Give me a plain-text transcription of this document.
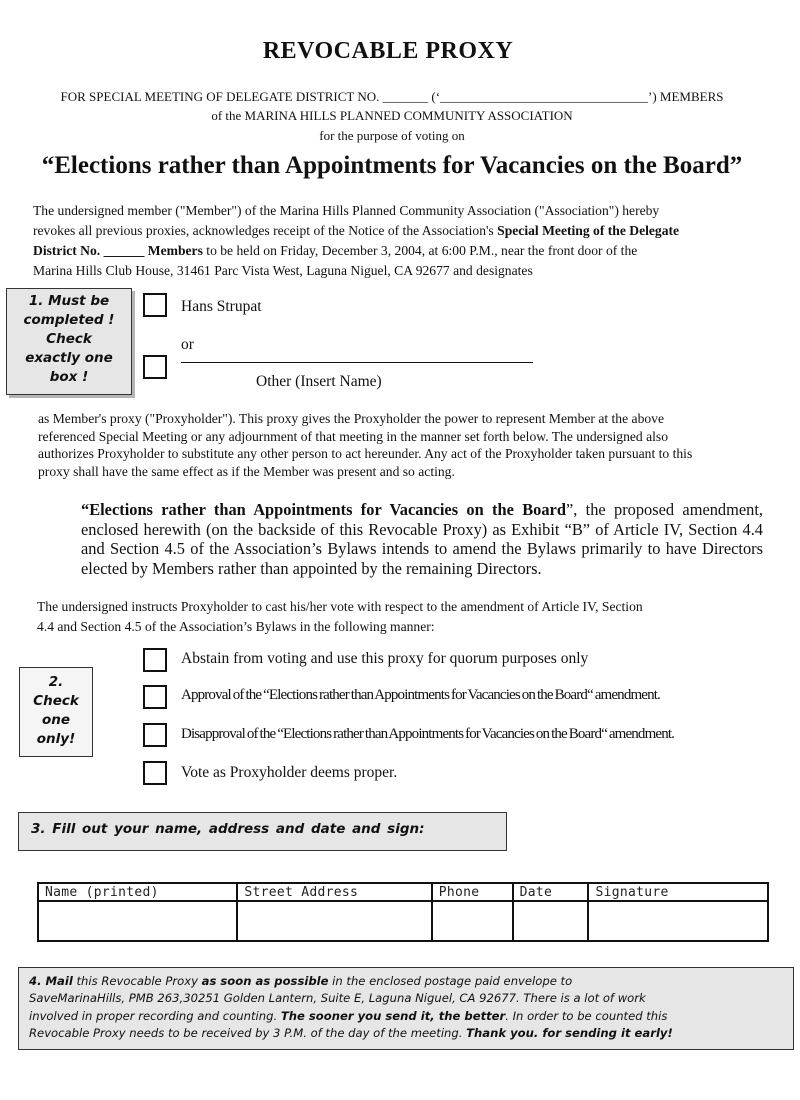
REVOCABLE PROXY
FOR SPECIAL MEETING OF DELEGATE DISTRICT NO. _______ (‘________________________________’) MEMBERS
of the MARINA HILLS PLANNED COMMUNITY ASSOCIATION
for the purpose of voting on
“Elections rather than Appointments for Vacancies on the Board”
The undersigned member ("Member") of the Marina Hills Planned Community Association ("Association") hereby
revokes all previous proxies, acknowledges receipt of the Notice of the Association's Special Meeting of the Delegate
District No. ______ Members to be held on Friday, December 3, 2004, at 6:00 P.M., near the front door of the
Marina Hills Club House, 31461 Parc Vista West, Laguna Niguel, CA 92677 and designates
1. Must be
completed !
Check
exactly one
box !
Hans Strupat
or
Other (Insert Name)
as Member's proxy ("Proxyholder"). This proxy gives the Proxyholder the power to represent Member at the above
referenced Special Meeting or any adjournment of that meeting in the manner set forth below. The undersigned also
authorizes Proxyholder to substitute any other person to act hereunder. Any act of the Proxyholder taken pursuant to this
proxy shall have the same effect as if the Member was present and so acting.
“Elections rather than Appointments for Vacancies on the Board”, the proposed amendment, enclosed herewith (on the backside of this Revocable Proxy) as Exhibit “B” of Article IV, Section 4.4 and Section 4.5 of the Association’s Bylaws intends to amend the Bylaws primarily to have Directors elected by Members rather than appointed by the remaining Directors.
The undersigned instructs Proxyholder to cast his/her vote with respect to the amendment of Article IV, Section
4.4 and Section 4.5 of the Association’s Bylaws in the following manner:
2.
Check
one
only!
Abstain from voting and use this proxy for quorum purposes only
Approval of the “Elections rather than Appointments for Vacancies on the Board“ amendment.
Disapproval of the “Elections rather than Appointments for Vacancies on the Board“ amendment.
Vote as Proxyholder deems proper.
3. Fill out your name, address and date and sign:
Name (printed)	Street Address	Phone	Date	Signature

4. Mail this Revocable Proxy as soon as possible in the enclosed postage paid envelope to
SaveMarinaHills, PMB 263,30251 Golden Lantern, Suite E, Laguna Niguel, CA 92677. There is a lot of work
involved in proper recording and counting. The sooner you send it, the better. In order to be counted this
Revocable Proxy needs to be received by 3 P.M. of the day of the meeting. Thank you. for sending it early!
